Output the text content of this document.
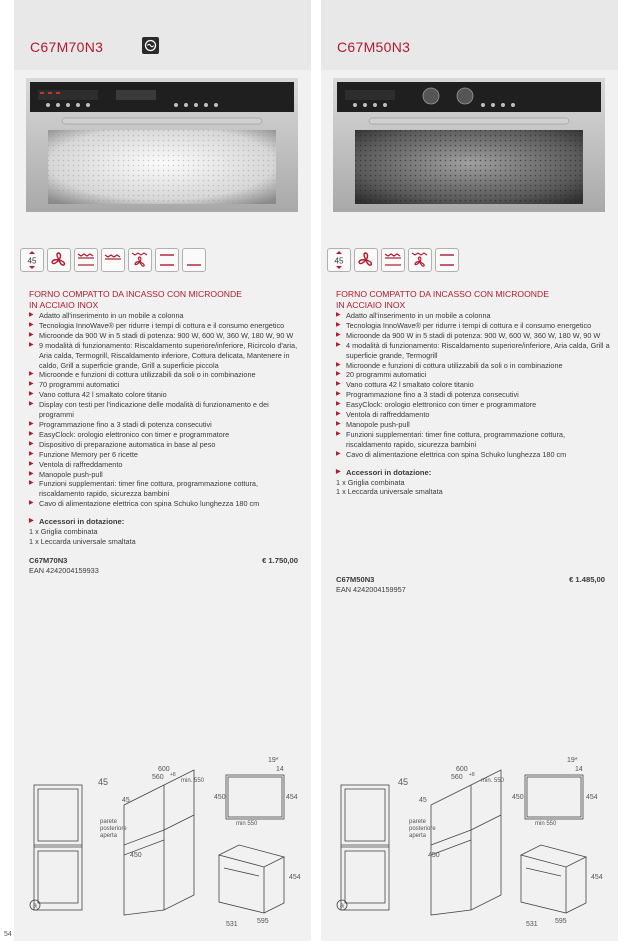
C67M70N3
45
FORNO COMPATTO DA INCASSO CON MICROONDE
IN ACCIAIO INOX
▶ Adatto all'inserimento in un mobile a colonna
▶ Tecnologia InnoWave® per ridurre i tempi di cottura e il consumo energetico
▶ Microonde da 900 W in 5 stadi di potenza: 900 W, 600 W, 360 W, 180 W, 90 W
▶ 9 modalità di funzionamento: Riscaldamento superiore/inferiore, Ricircolo d'aria, Aria calda, Termogrill, Riscaldamento inferiore, Cottura delicata, Mantenere in caldo, Grill a superficie grande, Grill a superficie piccola
▶ Microonde e funzioni di cottura utilizzabili da soli o in combinazione
▶ 70 programmi automatici
▶ Vano cottura 42 l smaltato colore titanio
▶ Display con testi per l'indicazione delle modalità di funzionamento e dei programmi
▶ Programmazione fino a 3 stadi di potenza consecutivi
▶ EasyClock: orologio elettronico con timer e programmatore
▶ Dispositivo di preparazione automatica in base al peso
▶ Funzione Memory per 6 ricette
▶ Ventola di raffreddamento
▶ Manopole push-pull
▶ Funzioni supplementari: timer fine cottura, programmazione cottura, riscaldamento rapido, sicurezza bambini
▶ Cavo di alimentazione elettrica con spina Schuko lunghezza 180 cm
▶ Accessori in dotazione:
1 x Griglia combinata
1 x Leccarda universale smaltata
C67M70N3	€ 1.750,00
EAN 4242004159933
a
45
600
560 +8
min. 550
45
parete
posteriore
aperta
450
19*
14
450	454
min 550
454
531	595
C67M50N3
45
FORNO COMPATTO DA INCASSO CON MICROONDE
IN ACCIAIO INOX
▶ Adatto all'inserimento in un mobile a colonna
▶ Tecnologia InnoWave® per ridurre i tempi di cottura e il consumo energetico
▶ Microonde da 900 W in 5 stadi di potenza: 900 W, 600 W, 360 W, 180 W, 90 W
▶ 4 modalità di funzionamento: Riscaldamento superiore/inferiore, Aria calda, Grill a superficie grande, Termogrill
▶ Microonde e funzioni di cottura utilizzabili da soli o in combinazione
▶ 20 programmi automatici
▶ Vano cottura 42 l smaltato colore titanio
▶ Programmazione fino a 3 stadi di potenza consecutivi
▶ EasyClock: orologio elettronico con timer e programmatore
▶ Ventola di raffreddamento
▶ Manopole push-pull
▶ Funzioni supplementari: timer fine cottura, programmazione cottura, riscaldamento rapido, sicurezza bambini
▶ Cavo di alimentazione elettrica con spina Schuko lunghezza 180 cm
▶ Accessori in dotazione:
1 x Griglia combinata
1 x Leccarda universale smaltata
C67M50N3	€ 1.485,00
EAN 4242004159957
a
45
600
560 +8
min. 550
45
parete
posteriore
aperta
450
19*
14
450	454
min 550
454
531 595
54
